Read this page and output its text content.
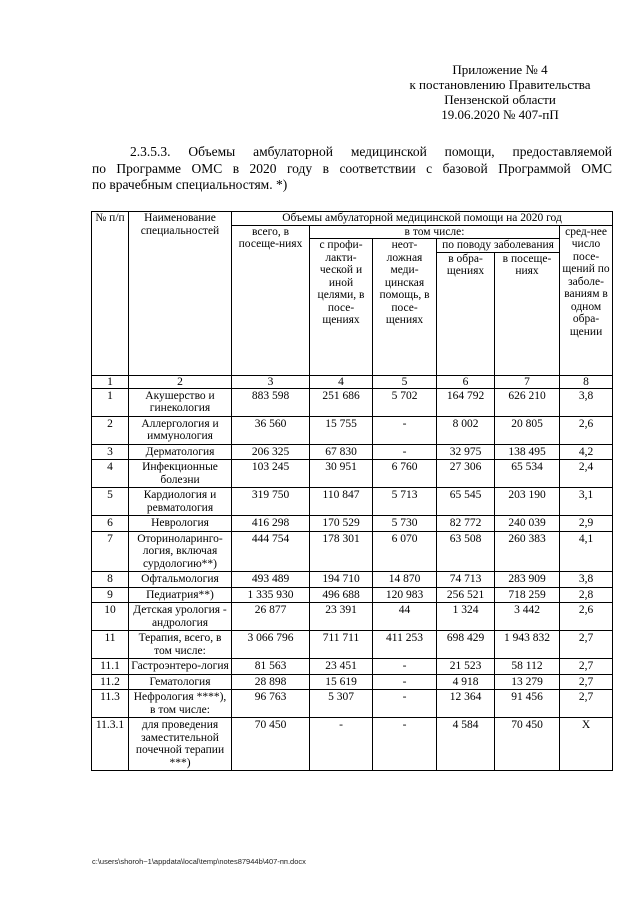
Приложение № 4
к постановлению Правительства
Пензенской области
19.06.2020 № 407-пП
2.3.5.3. Объемы амбулаторной медицинской помощи, предоставляемой
по Программе ОМС в 2020 году в соответствии с базовой Программой ОМС
по врачебным специальностям. *)
№ п/п	Наименование специальностей	Объемы амбулаторной медицинской помощи на 2020 год					
		всего, в посеще-ниях	в том числе:				сред-нее число посе-щений по заболе-ваниям в одном обра-щении
			с профи-лакти-ческой и иной целями, в посе-щениях	неот-ложная меди-цинская помощь, в посе-щениях	по поводу заболевания		
					в обра-щениях	в посеще-ниях	
1	2	3	4	5	6	7	8
1	Акушерство и гинекология	883 598	251 686	5 702	164 792	626 210	3,8
2	Аллергология и иммунология	36 560	15 755	-	8 002	20 805	2,6
3	Дерматология	206 325	67 830	-	32 975	138 495	4,2
4	Инфекционные болезни	103 245	30 951	6 760	27 306	65 534	2,4
5	Кардиология и ревматология	319 750	110 847	5 713	65 545	203 190	3,1
6	Неврология	416 298	170 529	5 730	82 772	240 039	2,9
7	Оториноларинго-логия, включая сурдологию**)	444 754	178 301	6 070	63 508	260 383	4,1
8	Офтальмология	493 489	194 710	14 870	74 713	283 909	3,8
9	Педиатрия**)	1 335 930	496 688	120 983	256 521	718 259	2,8
10	Детская урология - андрология	26 877	23 391	44	1 324	3 442	2,6
11	Терапия, всего, в том числе:	3 066 796	711 711	411 253	698 429	1 943 832	2,7
11.1	Гастроэнтеро-логия	81 563	23 451	-	21 523	58 112	2,7
11.2	Гематология	28 898	15 619	-	4 918	13 279	2,7
11.3	Нефрология ****), в том числе:	96 763	5 307	-	12 364	91 456	2,7
11.3.1	для проведения заместительной почечной терапии ***)	70 450	-	-	4 584	70 450	Х
c:\users\shoroh~1\appdata\local\temp\notes87944b\407-пп.docx
